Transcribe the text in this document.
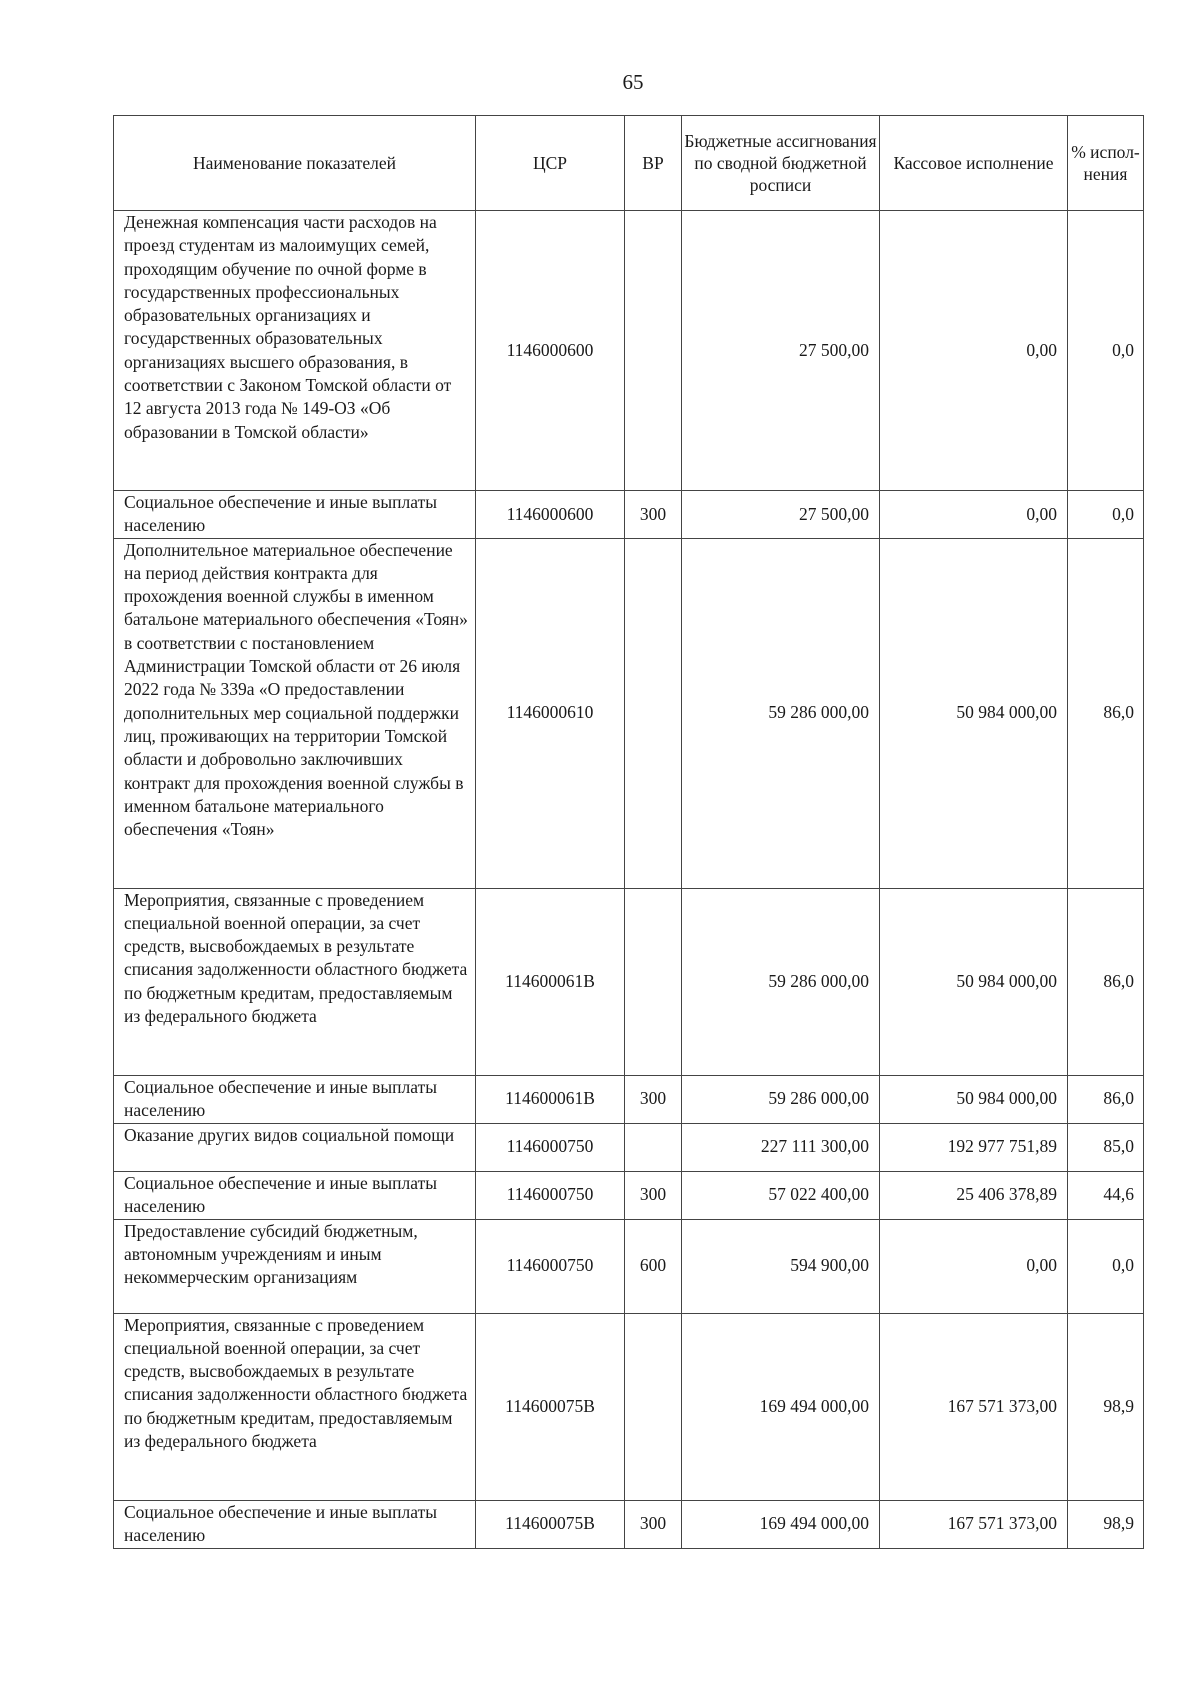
65
Наименование показателей	ЦСР	ВР	Бюджетные ассигнования по сводной бюджетной росписи	Кассовое исполнение	% испол-нения
Денежная компенсация части расходов на проезд студентам из малоимущих семей, проходящим обучение по очной форме в государственных профессиональных образовательных организациях и государственных образовательных организациях высшего образования, в соответствии с Законом Томской области от 12 августа 2013 года № 149-ОЗ «Об образовании в Томской области»	1146000600		27 500,00	0,00	0,0
Социальное обеспечение и иные выплаты населению	1146000600	300	27 500,00	0,00	0,0
Дополнительное материальное обеспечение на период действия контракта для прохождения военной службы в именном батальоне материального обеспечения «Тоян» в соответствии с постановлением Администрации Томской области от 26 июля 2022 года № 339а «О предоставлении дополнительных мер социальной поддержки лиц, проживающих на территории Томской области и добровольно заключивших контракт для прохождения военной службы в именном батальоне материального обеспечения «Тоян»	1146000610		59 286 000,00	50 984 000,00	86,0
Мероприятия, связанные с проведением специальной военной операции, за счет средств, высвобождаемых в результате списания задолженности областного бюджета по бюджетным кредитам, предоставляемым из федерального бюджета	114600061В		59 286 000,00	50 984 000,00	86,0
Социальное обеспечение и иные выплаты населению	114600061В	300	59 286 000,00	50 984 000,00	86,0
Оказание других видов социальной помощи	1146000750		227 111 300,00	192 977 751,89	85,0
Социальное обеспечение и иные выплаты населению	1146000750	300	57 022 400,00	25 406 378,89	44,6
Предоставление субсидий бюджетным, автономным учреждениям и иным некоммерческим организациям	1146000750	600	594 900,00	0,00	0,0
Мероприятия, связанные с проведением специальной военной операции, за счет средств, высвобождаемых в результате списания задолженности областного бюджета по бюджетным кредитам, предоставляемым из федерального бюджета	114600075В		169 494 000,00	167 571 373,00	98,9
Социальное обеспечение и иные выплаты населению	114600075В	300	169 494 000,00	167 571 373,00	98,9
